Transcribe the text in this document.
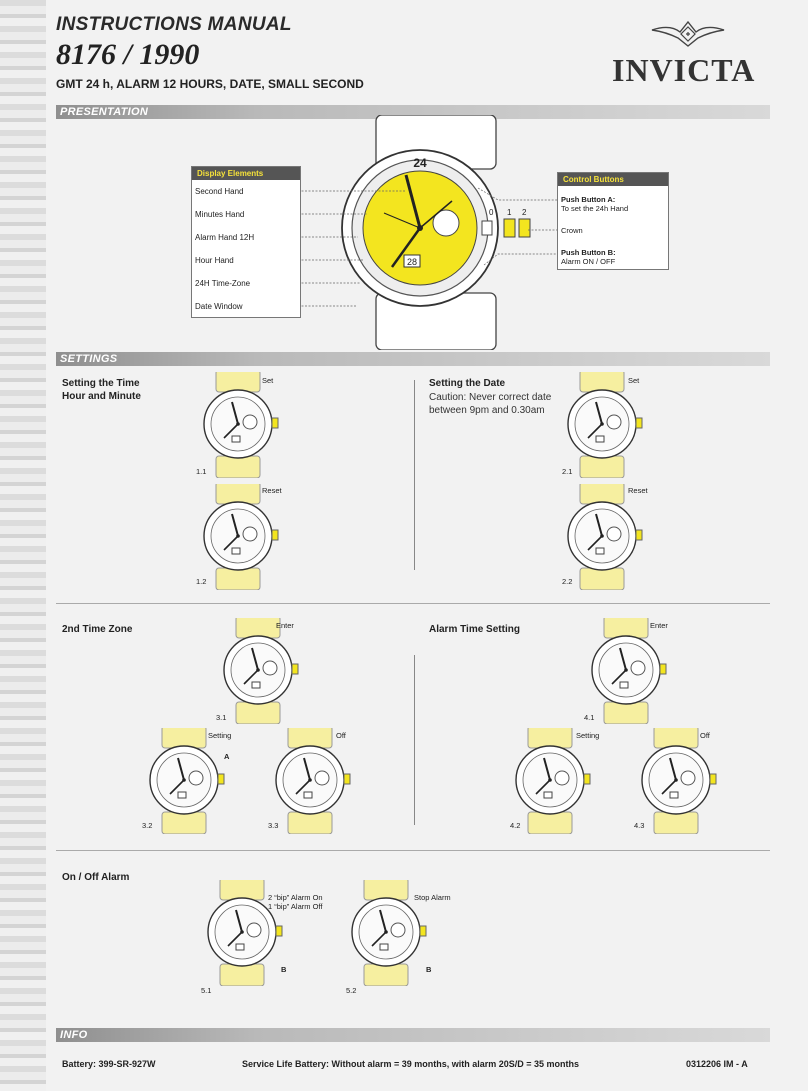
INSTRUCTIONS MANUAL
8176 / 1990
GMT 24 h, ALARM 12 HOURS, DATE, SMALL SECOND	INVICTA
PRESENTATION
28
24
0 1 2
Display Elements
Second Hand
Minutes Hand
Alarm Hand 12H
Hour Hand
24H Time-Zone
Date Window
Control Buttons
Push Button A:
To set the 24h Hand
Crown
Push Button B:
Alarm ON / OFF
SETTINGS
Setting the Time
Hour and Minute
Set
1.1
Reset
1.2
Setting the Date
Caution: Never correct date
between 9pm and 0.30am
Set
2.1
Reset
2.2
2nd Time Zone	Enter
3.1
Setting
A
3.2
Off
3.3
Alarm Time Setting	Enter
4.1
Setting
4.2
Off
4.3
On / Off Alarm
2 “bip” Alarm On
1 “bip” Alarm Off
B
5.1
Stop Alarm
B
5.2
INFO
Battery: 399-SR-927W	Service Life Battery: Without alarm = 39 months, with alarm 20S/D = 35 months	0312206 IM - A
